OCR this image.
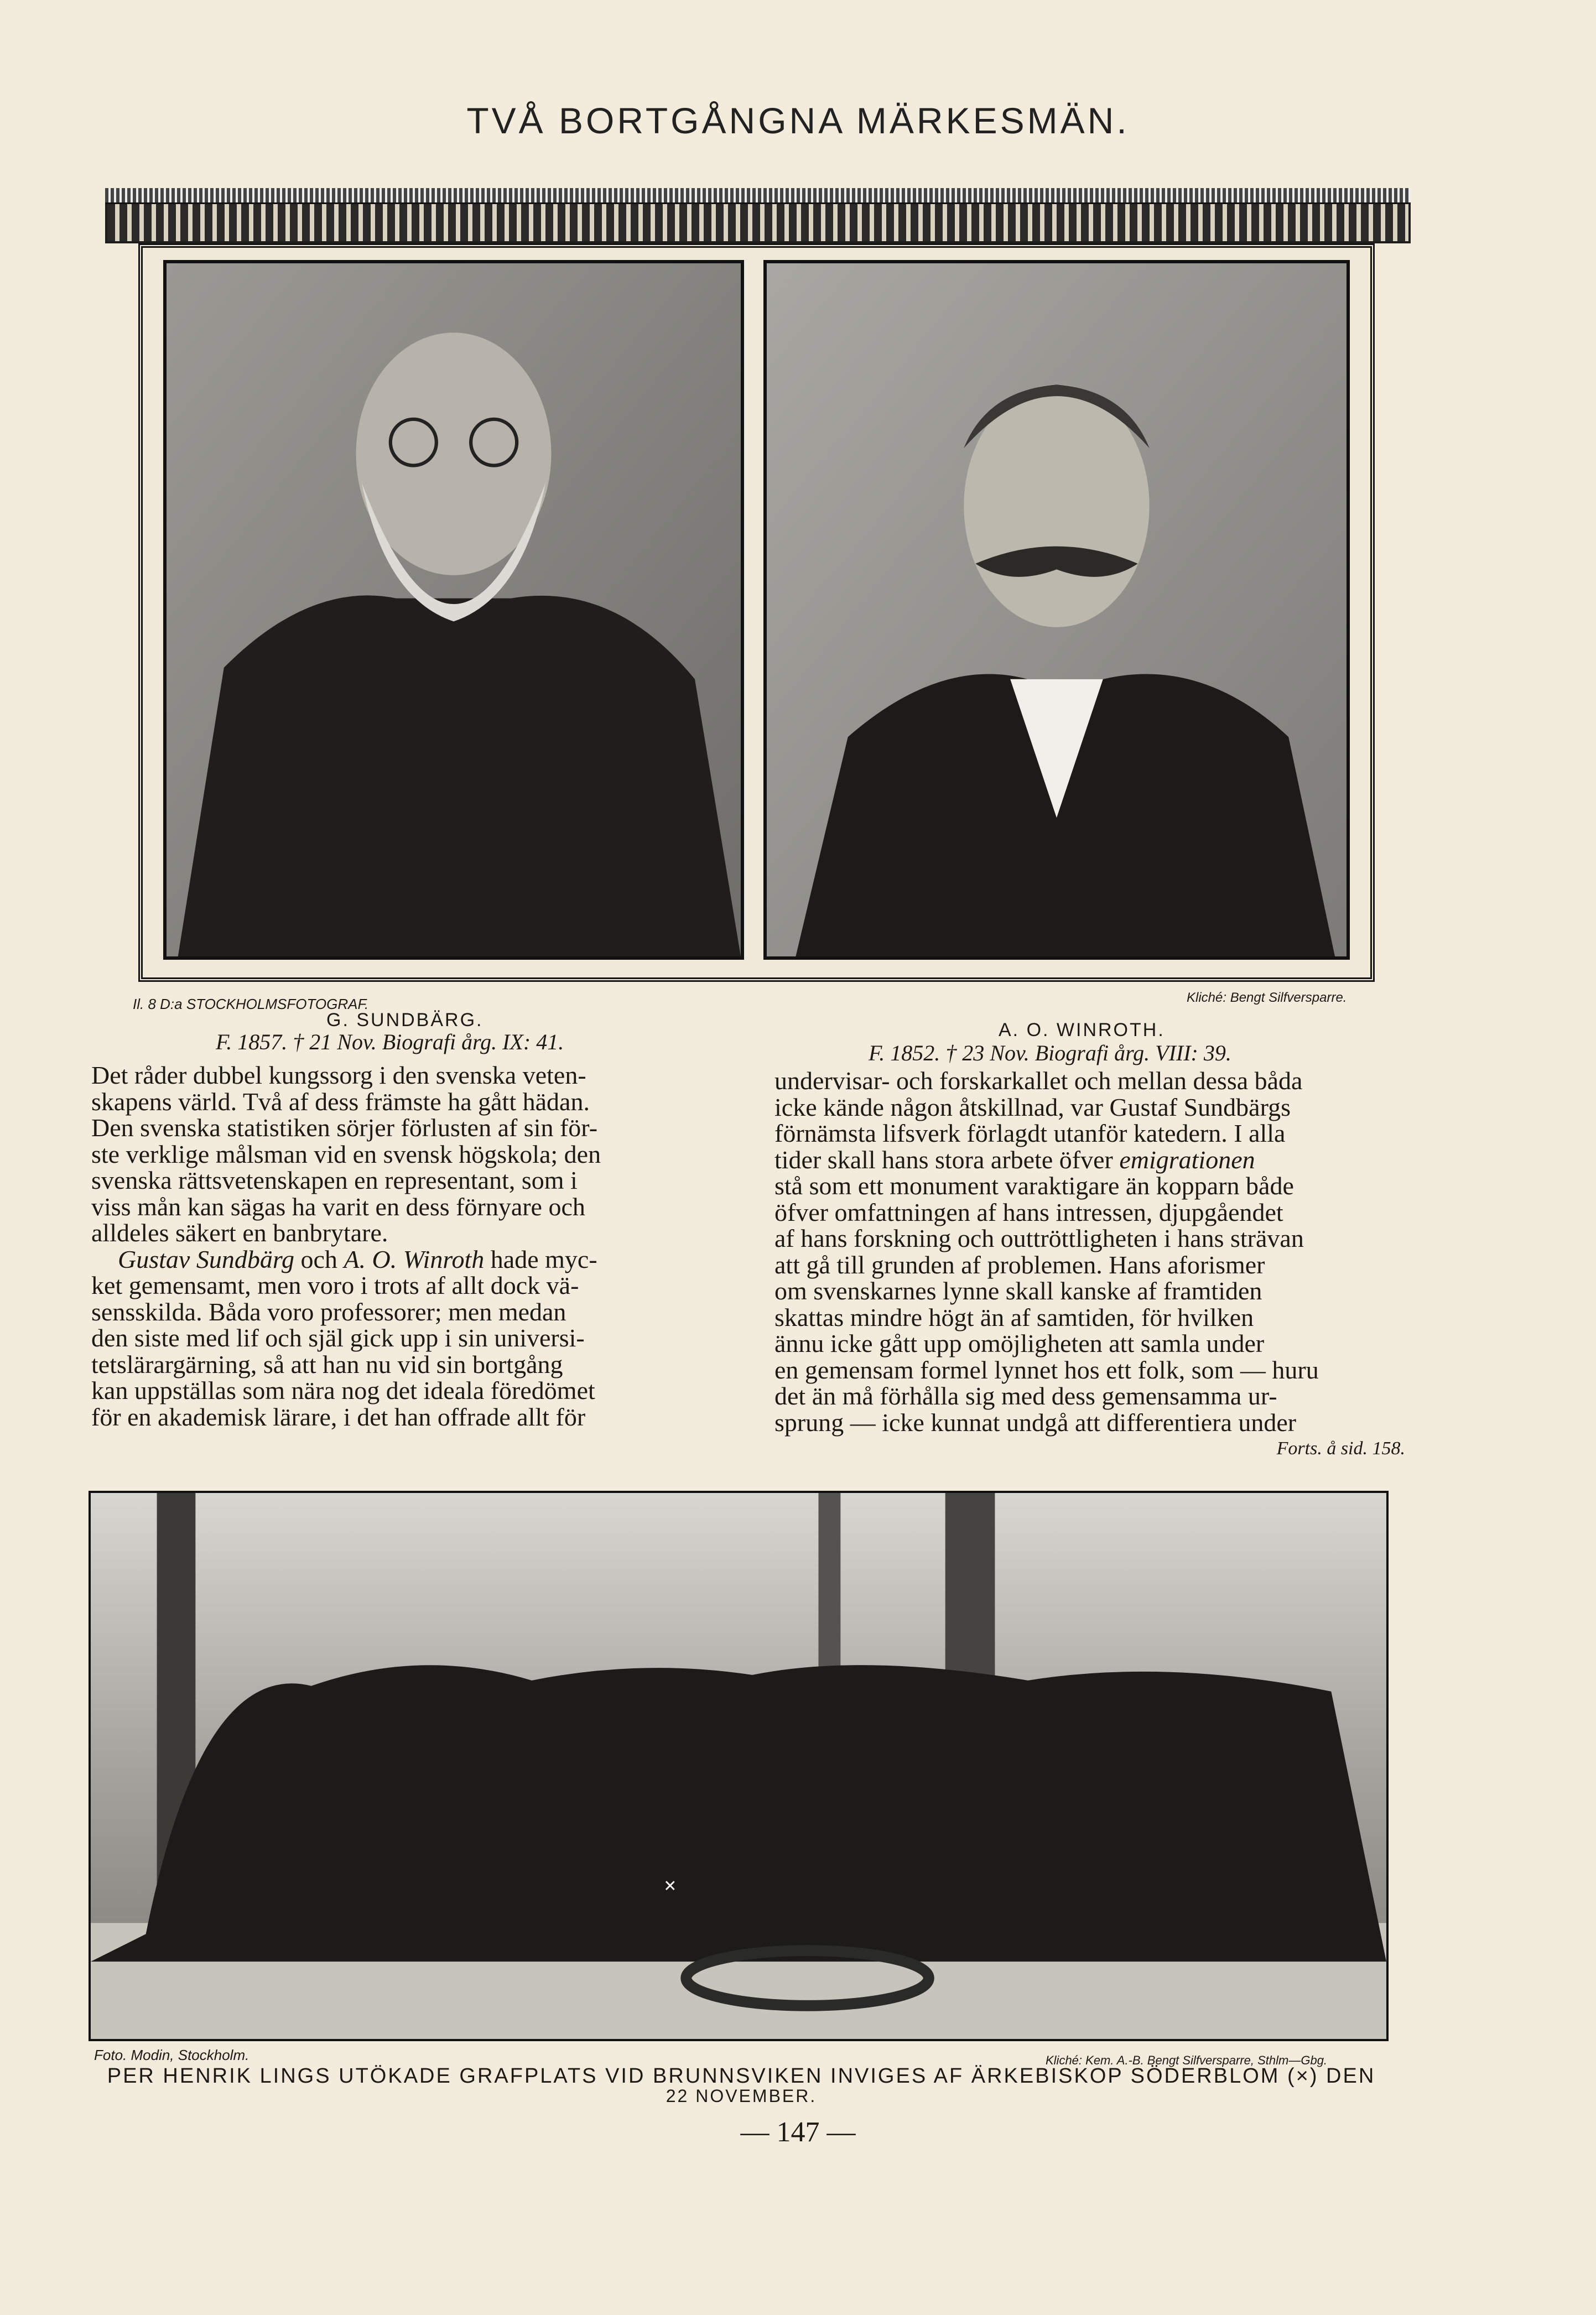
TVÅ BORTGÅNGNA MÄRKESMÄN.
Il. 8 D:a STOCKHOLMSFOTOGRAF.
G. SUNDBÄRG.
F. 1857. † 21 Nov. Biografi årg. IX: 41.
Kliché: Bengt Silfversparre.
A. O. WINROTH.
F. 1852. † 23 Nov. Biografi årg. VIII: 39.

Det råder dubbel kungssorg i den svenska veten-

skapens värld. Två af dess främste ha gått hädan.

Den svenska statistiken sörjer förlusten af sin för-

ste verklige målsman vid en svensk högskola; den

svenska rättsvetenskapen en representant, som i

viss mån kan sägas ha varit en dess förnyare och

alldeles säkert en banbrytare.

Gustav Sundbärg och A. O. Winroth hade myc-

ket gemensamt, men voro i trots af allt dock vä-

sensskilda. Båda voro professorer; men medan

den siste med lif och själ gick upp i sin universi-

tetslärargärning, så att han nu vid sin bortgång

kan uppställas som nära nog det ideala föredömet

för en akademisk lärare, i det han offrade allt för

undervisar- och forskarkallet och mellan dessa båda

icke kände någon åtskillnad, var Gustaf Sundbärgs

förnämsta lifsverk förlagdt utanför katedern. I alla

tider skall hans stora arbete öfver emigrationen

stå som ett monument varaktigare än kopparn både

öfver omfattningen af hans intressen, djupgåendet

af hans forskning och outtröttligheten i hans strävan

att gå till grunden af problemen. Hans aforismer

om svenskarnes lynne skall kanske af framtiden

skattas mindre högt än af samtiden, för hvilken

ännu icke gått upp omöjligheten att samla under

en gemensam formel lynnet hos ett folk, som — huru

det än må förhålla sig med dess gemensamma ur-

sprung — icke kunnat undgå att differentiera under

Forts. å sid. 158.
×
Foto. Modin, Stockholm.	Kliché: Kem. A.-B. Bengt Silfversparre, Sthlm—Gbg.
PER HENRIK LINGS UTÖKADE GRAFPLATS VID BRUNNSVIKEN INVIGES AF ÄRKEBISKOP SÖDERBLOM (×) DEN
22 NOVEMBER.
— 147 —
